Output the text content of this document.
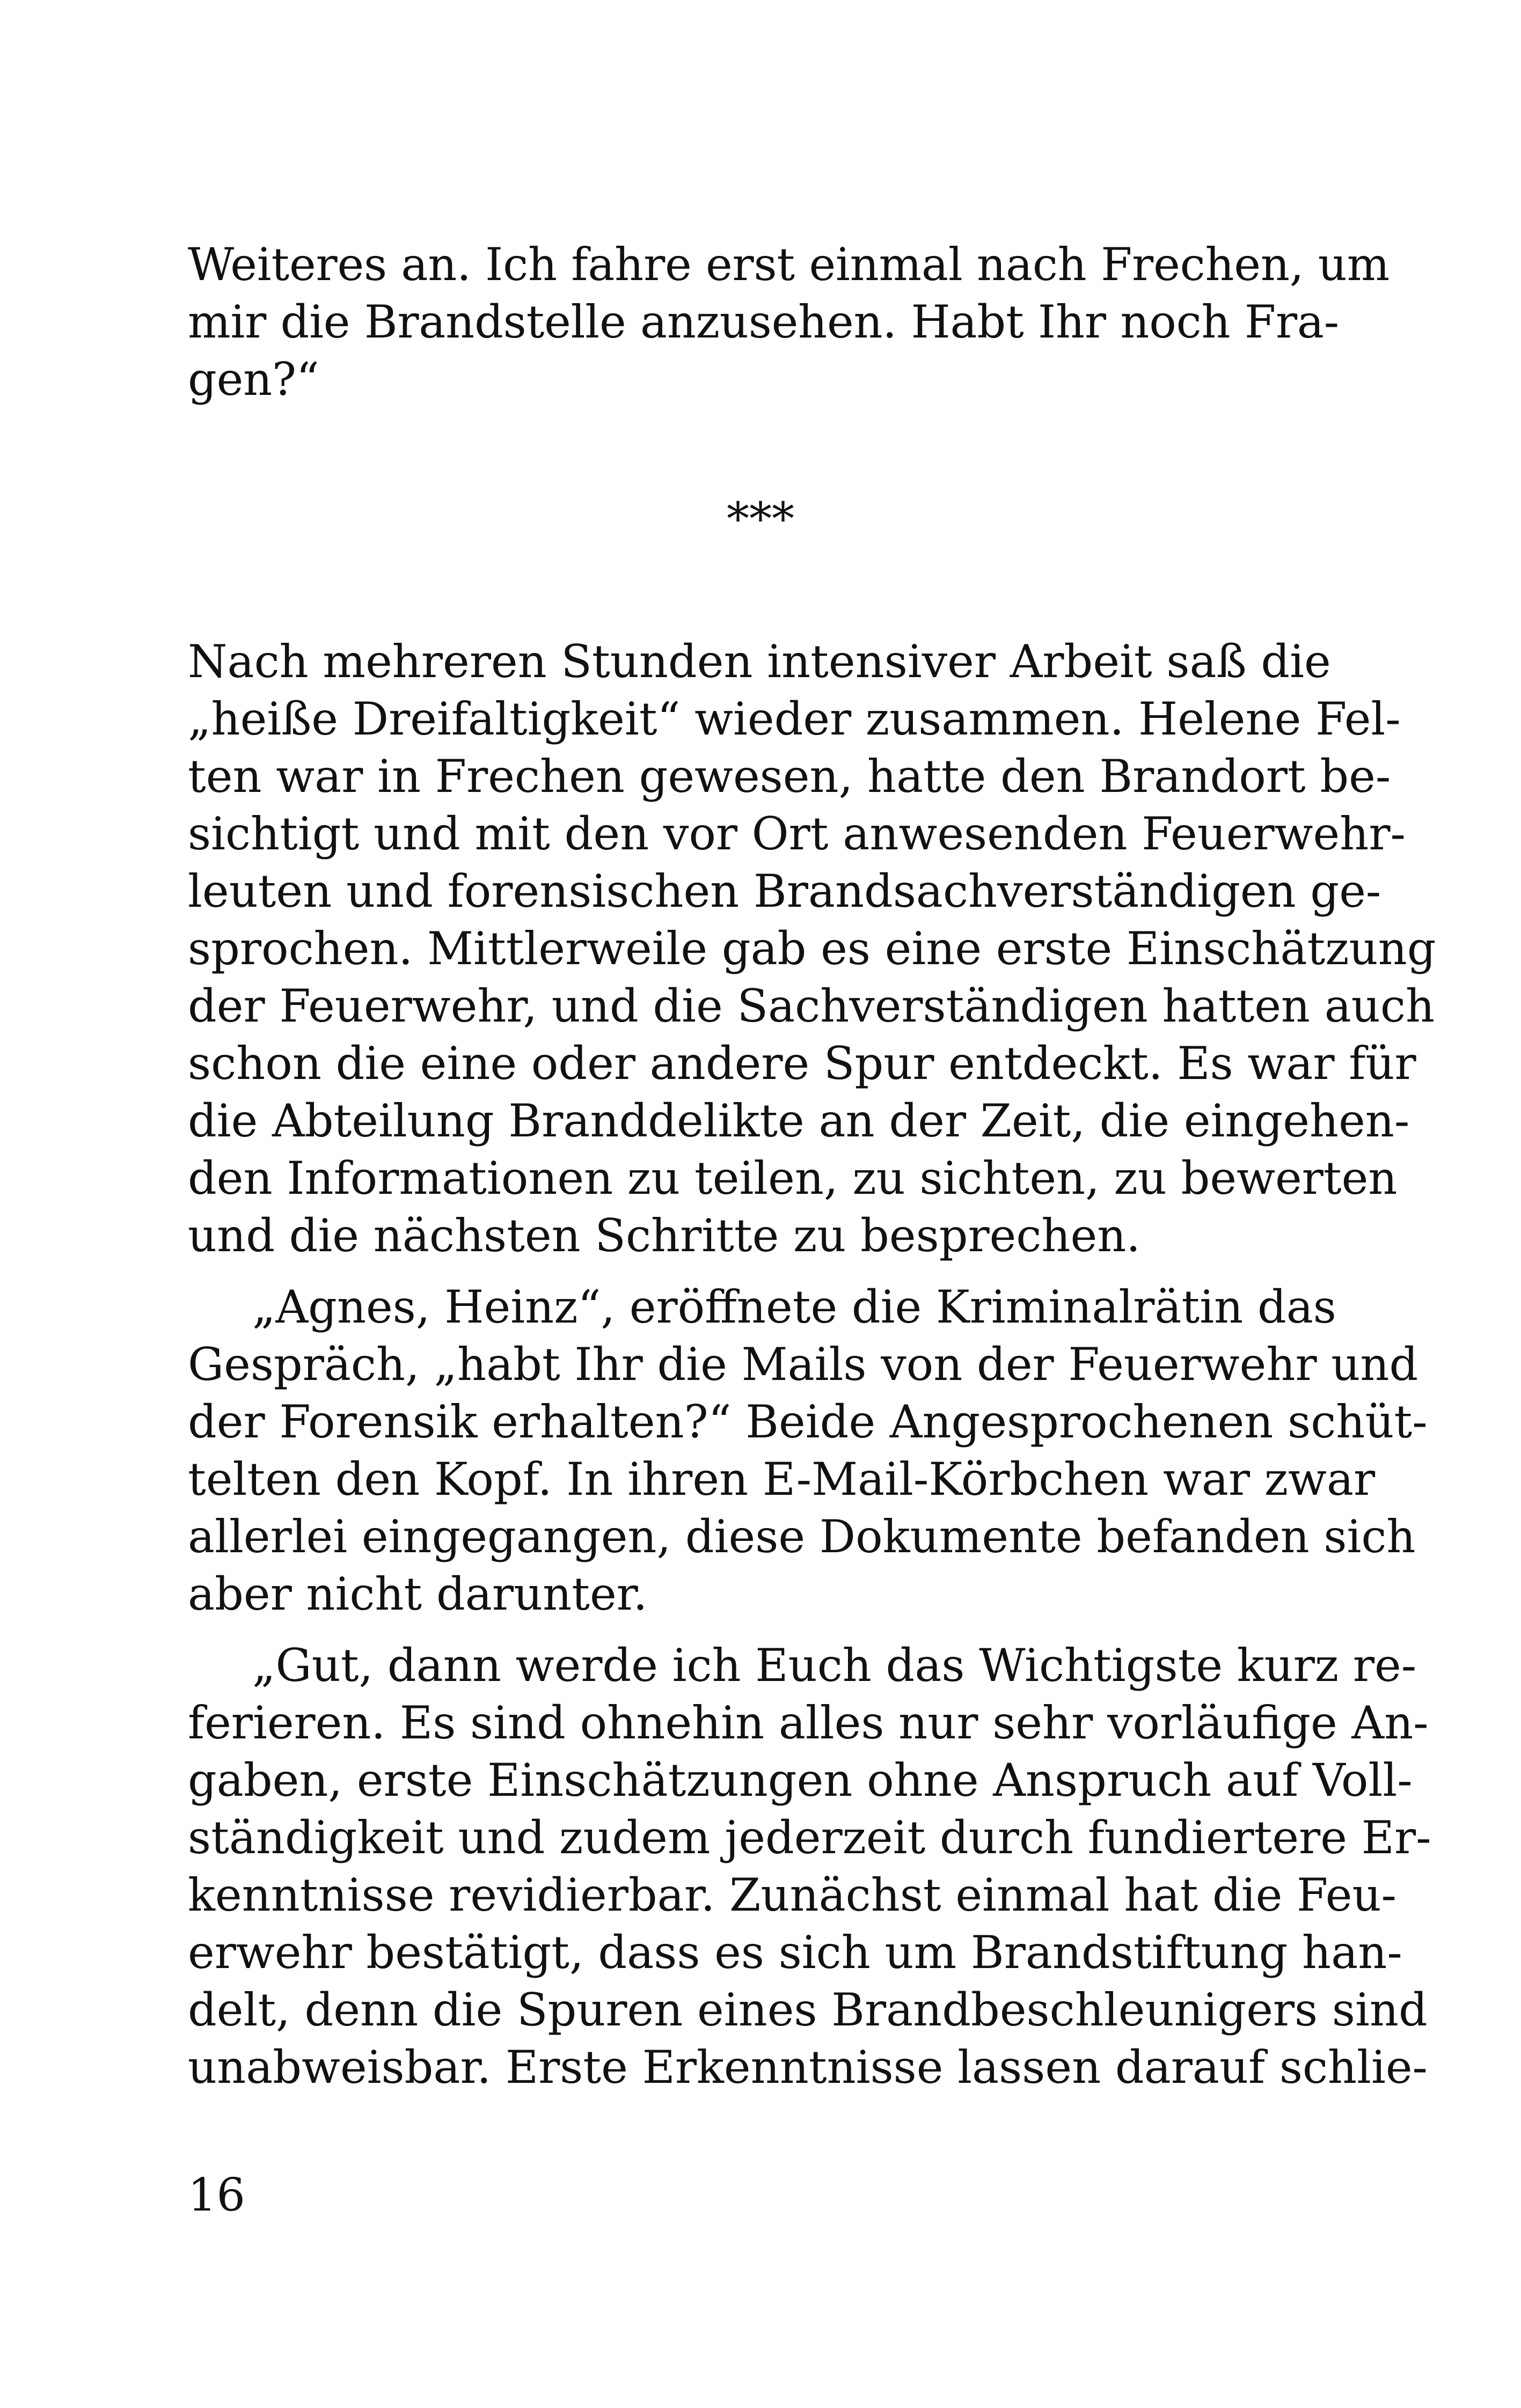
Weiteres an. Ich fahre erst einmal nach Frechen, um
mir die Brandstelle anzusehen. Habt Ihr noch Fra-
gen?“

***

Nach mehreren Stunden intensiver Arbeit saß die
„heiße Dreifaltigkeit“ wieder zusammen. Helene Fel-
ten war in Frechen gewesen, hatte den Brandort be-
sichtigt und mit den vor Ort anwesenden Feuerwehr-
leuten und forensischen Brandsachverständigen ge-
sprochen. Mittlerweile gab es eine erste Einschätzung
der Feuerwehr, und die Sachverständigen hatten auch
schon die eine oder andere Spur entdeckt. Es war für
die Abteilung Branddelikte an der Zeit, die eingehen-
den Informationen zu teilen, zu sichten, zu bewerten
und die nächsten Schritte zu besprechen.

„Agnes, Heinz“, eröffnete die Kriminalrätin das
Gespräch, „habt Ihr die Mails von der Feuerwehr und
der Forensik erhalten?“ Beide Angesprochenen schüt-
telten den Kopf. In ihren E-Mail-Körbchen war zwar
allerlei eingegangen, diese Dokumente befanden sich
aber nicht darunter.

„Gut, dann werde ich Euch das Wichtigste kurz re-
ferieren. Es sind ohnehin alles nur sehr vorläufige An-
gaben, erste Einschätzungen ohne Anspruch auf Voll-
ständigkeit und zudem jederzeit durch fundiertere Er-
kenntnisse revidierbar. Zunächst einmal hat die Feu-
erwehr bestätigt, dass es sich um Brandstiftung han-
delt, denn die Spuren eines Brandbeschleunigers sind
unabweisbar. Erste Erkenntnisse lassen darauf schlie-

16
